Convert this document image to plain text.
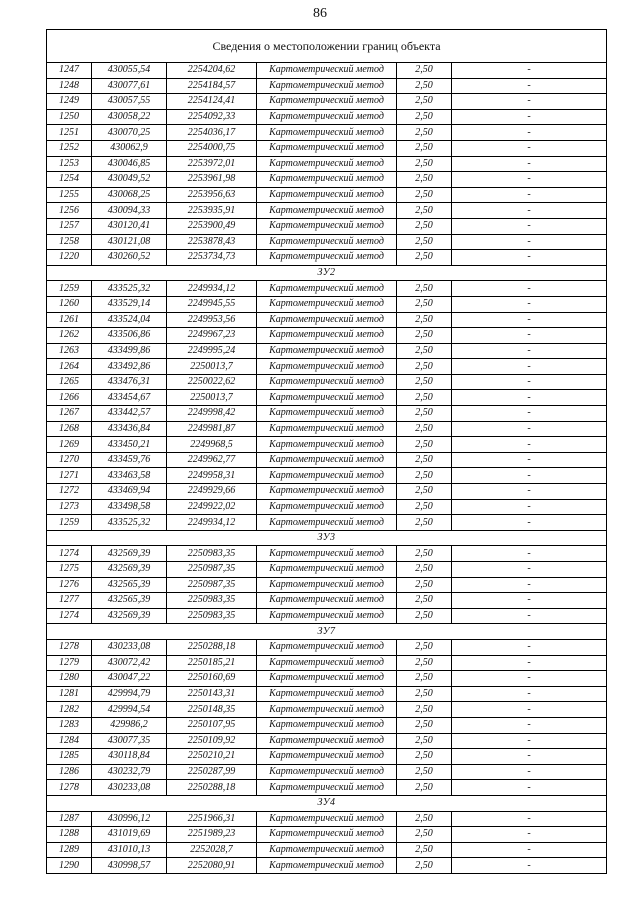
86
Сведения о местоположении границ объекта					
1247	430055,54	2254204,62	Картометрический метод	2,50	-
1248	430077,61	2254184,57	Картометрический метод	2,50	-
1249	430057,55	2254124,41	Картометрический метод	2,50	-
1250	430058,22	2254092,33	Картометрический метод	2,50	-
1251	430070,25	2254036,17	Картометрический метод	2,50	-
1252	430062,9	2254000,75	Картометрический метод	2,50	-
1253	430046,85	2253972,01	Картометрический метод	2,50	-
1254	430049,52	2253961,98	Картометрический метод	2,50	-
1255	430068,25	2253956,63	Картометрический метод	2,50	-
1256	430094,33	2253935,91	Картометрический метод	2,50	-
1257	430120,41	2253900,49	Картометрический метод	2,50	-
1258	430121,08	2253878,43	Картометрический метод	2,50	-
1220	430260,52	2253734,73	Картометрический метод	2,50	-
ЗУ2					
1259	433525,32	2249934,12	Картометрический метод	2,50	-
1260	433529,14	2249945,55	Картометрический метод	2,50	-
1261	433524,04	2249953,56	Картометрический метод	2,50	-
1262	433506,86	2249967,23	Картометрический метод	2,50	-
1263	433499,86	2249995,24	Картометрический метод	2,50	-
1264	433492,86	2250013,7	Картометрический метод	2,50	-
1265	433476,31	2250022,62	Картометрический метод	2,50	-
1266	433454,67	2250013,7	Картометрический метод	2,50	-
1267	433442,57	2249998,42	Картометрический метод	2,50	-
1268	433436,84	2249981,87	Картометрический метод	2,50	-
1269	433450,21	2249968,5	Картометрический метод	2,50	-
1270	433459,76	2249962,77	Картометрический метод	2,50	-
1271	433463,58	2249958,31	Картометрический метод	2,50	-
1272	433469,94	2249929,66	Картометрический метод	2,50	-
1273	433498,58	2249922,02	Картометрический метод	2,50	-
1259	433525,32	2249934,12	Картометрический метод	2,50	-
ЗУ3					
1274	432569,39	2250983,35	Картометрический метод	2,50	-
1275	432569,39	2250987,35	Картометрический метод	2,50	-
1276	432565,39	2250987,35	Картометрический метод	2,50	-
1277	432565,39	2250983,35	Картометрический метод	2,50	-
1274	432569,39	2250983,35	Картометрический метод	2,50	-
ЗУ7					
1278	430233,08	2250288,18	Картометрический метод	2,50	-
1279	430072,42	2250185,21	Картометрический метод	2,50	-
1280	430047,22	2250160,69	Картометрический метод	2,50	-
1281	429994,79	2250143,31	Картометрический метод	2,50	-
1282	429994,54	2250148,35	Картометрический метод	2,50	-
1283	429986,2	2250107,95	Картометрический метод	2,50	-
1284	430077,35	2250109,92	Картометрический метод	2,50	-
1285	430118,84	2250210,21	Картометрический метод	2,50	-
1286	430232,79	2250287,99	Картометрический метод	2,50	-
1278	430233,08	2250288,18	Картометрический метод	2,50	-
ЗУ4					
1287	430996,12	2251966,31	Картометрический метод	2,50	-
1288	431019,69	2251989,23	Картометрический метод	2,50	-
1289	431010,13	2252028,7	Картометрический метод	2,50	-
1290	430998,57	2252080,91	Картометрический метод	2,50	-
